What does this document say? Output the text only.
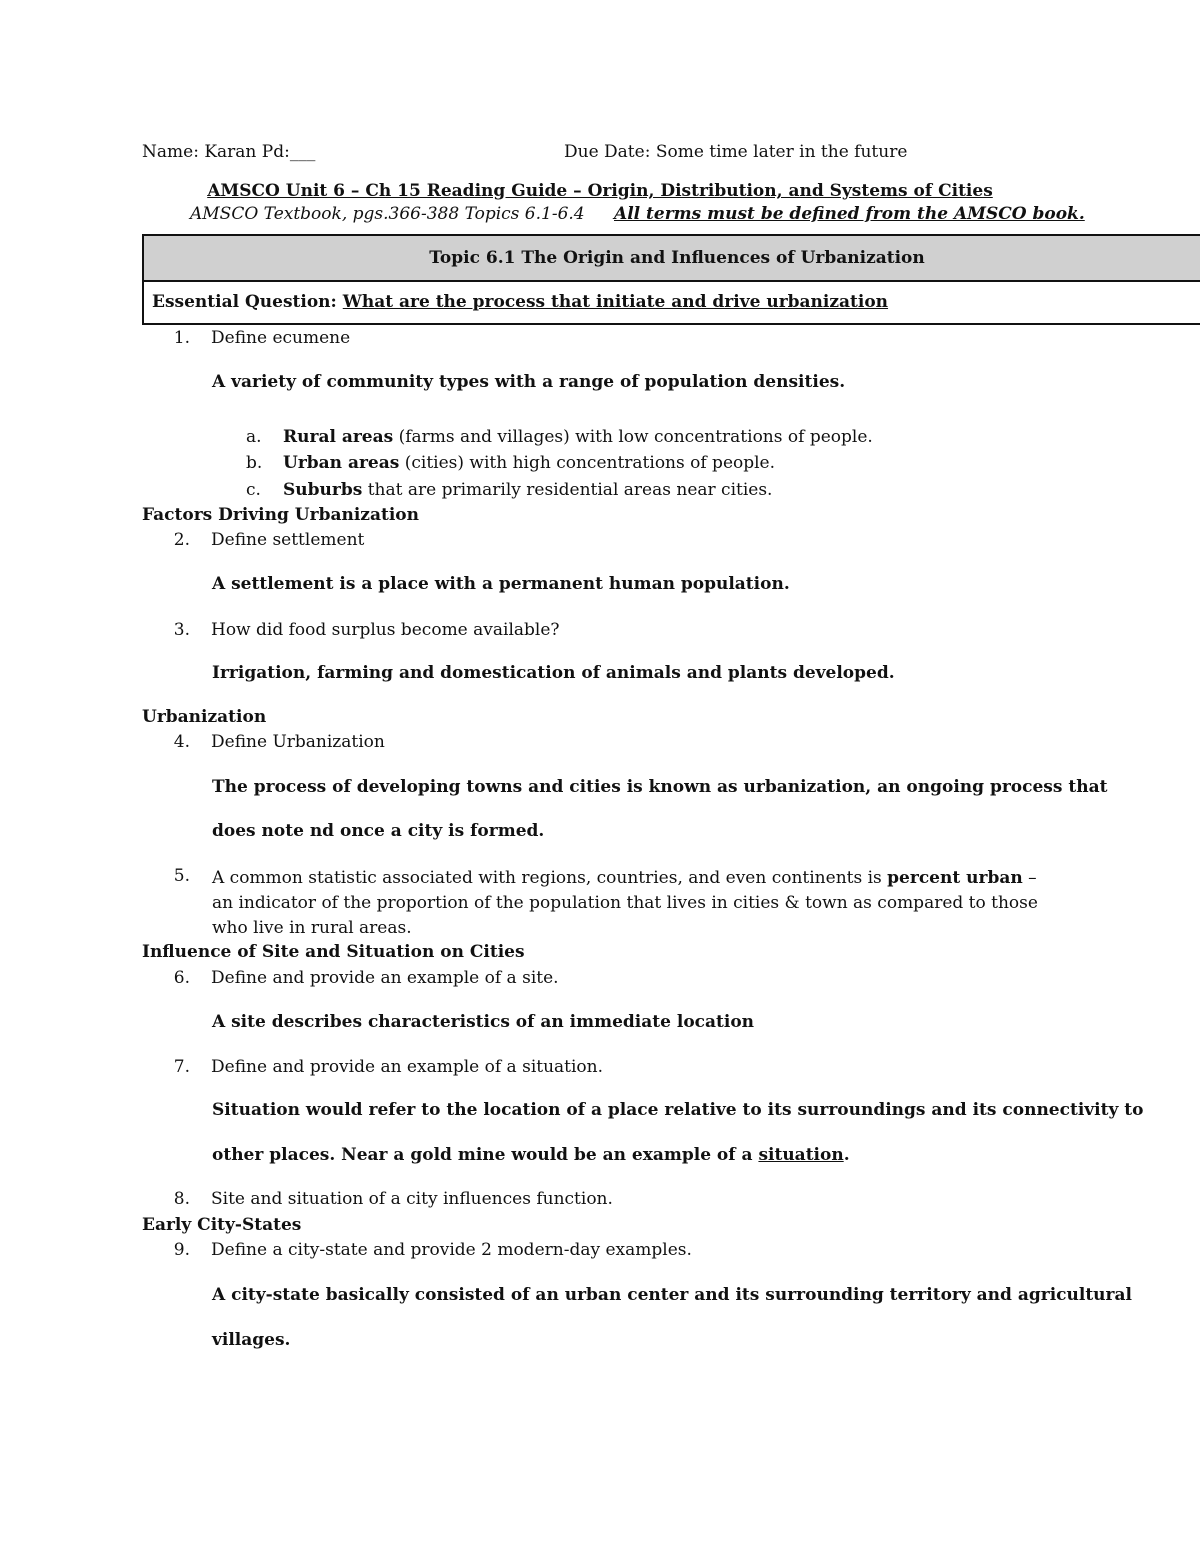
Name: Karan Pd:___	Due Date: Some time later in the future
AMSCO Unit 6 – Ch 15 Reading Guide – Origin, Distribution, and Systems of Cities
AMSCO Textbook, pgs.366-388 Topics 6.1-6.4 All terms must be defined from the AMSCO book.
Topic 6.1 The Origin and Influences of Urbanization
Essential Question: What are the process that initiate and drive urbanization
1. Define ecumene
A variety of community types with a range of population densities.
a. Rural areas (farms and villages) with low concentrations of people.
b. Urban areas (cities) with high concentrations of people.
c. Suburbs that are primarily residential areas near cities.
Factors Driving Urbanization
2. Define settlement
A settlement is a place with a permanent human population.
3. How did food surplus become available?
Irrigation, farming and domestication of animals and plants developed.
Urbanization
4. Define Urbanization
The process of developing towns and cities is known as urbanization, an ongoing process that
does note nd once a city is formed.
5. A common statistic associated with regions, countries, and even continents is percent urban – an indicator of the proportion of the population that lives in cities & town as compared to those who live in rural areas.
Influence of Site and Situation on Cities
6. Define and provide an example of a site.
A site describes characteristics of an immediate location
7. Define and provide an example of a situation.
Situation would refer to the location of a place relative to its surroundings and its connectivity to
other places. Near a gold mine would be an example of a situation.
8. Site and situation of a city influences function.
Early City-States
9. Define a city-state and provide 2 modern-day examples.
A city-state basically consisted of an urban center and its surrounding territory and agricultural
villages.
